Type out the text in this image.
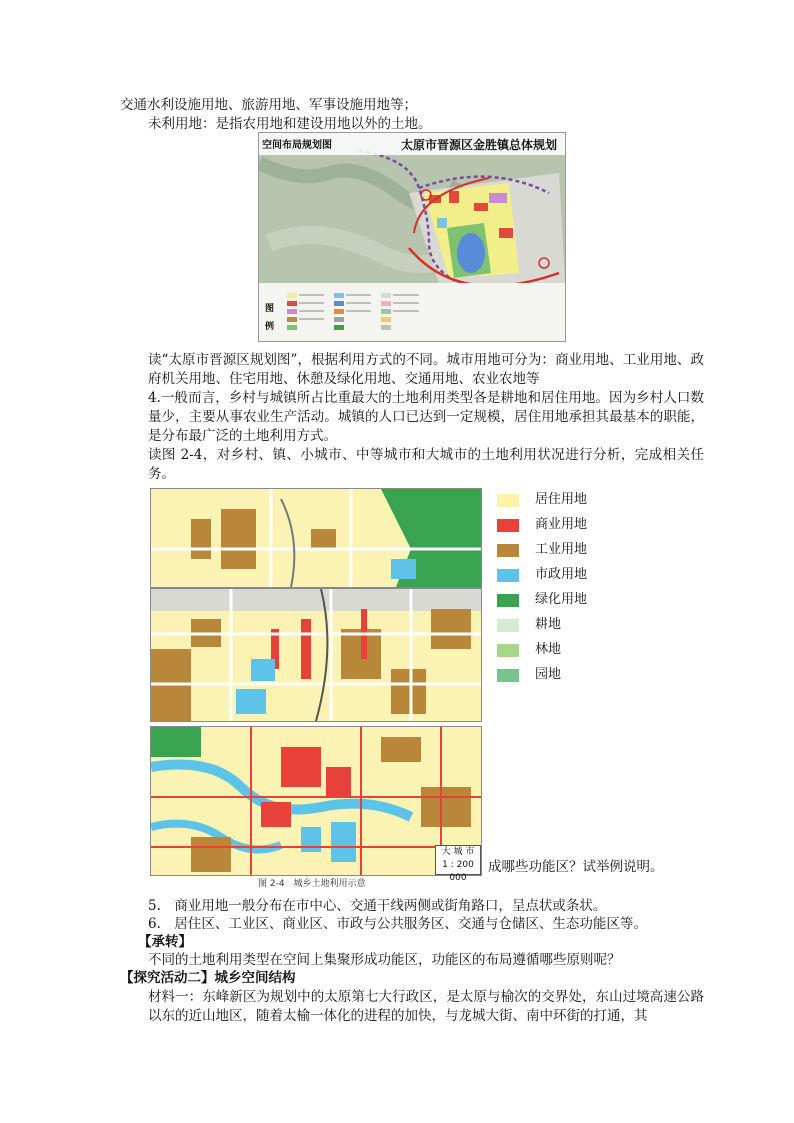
交通水利设施用地、旅游用地、军事设施用地等；

未利用地：是指农用地和建设用地以外的土地。

空间布局规划图	太原市晋源区金胜镇总体规划
图
例

读“太原市晋源区规划图”，根据利用方式的不同。城市用地可分为：商业用地、工业用地、政府机关用地、住宅用地、休憩及绿化用地、交通用地、农业农地等

4.一般而言，乡村与城镇所占比重最大的土地利用类型各是耕地和居住用地。因为乡村人口数量少，主要从事农业生产活动。城镇的人口已达到一定规模，居住用地承担其最基本的职能，是分布最广泛的土地利用方式。

读图 2-4，对乡村、镇、小城市、中等城市和大城市的土地利用状况进行分析，完成相关任务。

大 城 市
1 : 200 000
居住用地
商业用地
工业用地
市政用地
绿化用地
耕地
林地
园地
成哪些功能区？试举例说明。
图 2-4　城乡土地利用示意

5.　商业用地一般分布在市中心、交通干线两侧或街角路口，呈点状或条状。

6.　居住区、工业区、商业区、市政与公共服务区、交通与仓储区、生态功能区等。

【承转】

不同的土地利用类型在空间上集聚形成功能区，功能区的布局遵循哪些原则呢？

【探究活动二】城乡空间结构

材料一：东峰新区为规划中的太原第七大行政区，是太原与榆次的交界处，东山过境高速公路以东的近山地区，随着太榆一体化的进程的加快，与龙城大街、南中环街的打通，其
